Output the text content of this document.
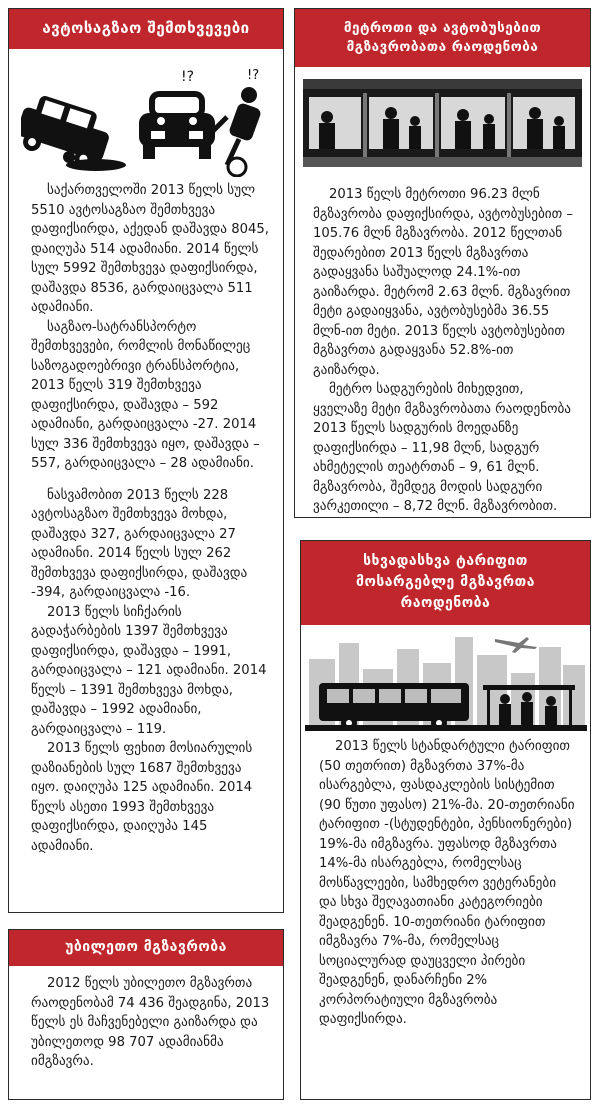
ავტოსაგზაო შემთხვევები
!?	!?

საქართველოში 2013 წელს სულ 5510 ავტოსაგზაო შემთხვევა დაფიქსირდა, აქედან დაშავდა 8045, დაიღუპა 514 ადამიანი. 2014 წელს სულ 5992 შემთხვევა დაფიქსირდა, დაშავდა 8536, გარდაიცვალა 511 ადამიანი.

საგზაო-სატრანსპორტო შემთხვევები, რომლის მონაწილეც საზოგადოებრივი ტრანსპორტია, 2013 წელს 319 შემთხვევა დაფიქსირდა, დაშავდა – 592 ადამიანი, გარდაიცვალა -27. 2014 სულ 336 შემთხვევა იყო, დაშავდა – 557, გარდაიცვალა – 28 ადამიანი.

ნასვამობით 2013 წელს 228 ავტოსაგზაო შემთხვევა მოხდა, დაშავდა 327, გარდაიცვალა 27 ადამიანი. 2014 წელს სულ 262 შემთხვევა დაფიქსირდა, დაშავდა -394, გარდაიცვალა -16.

2013 წელს სიჩქარის გადაჭარბების 1397 შემთხვევა დაფიქსირდა, დაშავდა – 1991, გარდაიცვალა – 121 ადამიანი. 2014 წელს – 1391 შემთხვევა მოხდა, დაშავდა – 1992 ადამიანი, გარდაიცვალა – 119.

2013 წელს ფეხით მოსიარულის დაზიანების სულ 1687 შემთხვევა იყო. დაიღუპა 125 ადამიანი. 2014 წელს ასეთი 1993 შემთხვევა დაფიქსირდა, დაიღუპა 145 ადამიანი.

უბილეთო მგზავრობა

2012 წელს უბილეთო მგზავრთა რაოდენობამ 74 436 შეადგინა, 2013 წელს ეს მაჩვენებელი გაიზარდა და უბილეთოდ 98 707 ადამიანმა იმგზავრა.

მეტროთი და ავტობუსებით
მგზავრობათა რაოდენობა

2013 წელს მეტროთი 96.23 მლნ მგზავრობა დაფიქსირდა, ავტობუსებით – 105.76 მლნ მგზავრობა. 2012 წელთან შედარებით 2013 წელს მგზავრთა გადაყვანა საშუალოდ 24.1%-ით გაიზარდა. მეტრომ 2.63 მლნ. მგზავრით მეტი გადაიყვანა, ავტობუსებმა 36.55 მლნ-ით მეტი. 2013 წელს ავტობუსებით მგზავრთა გადაყვანა 52.8%-ით გაიზარდა.

მეტრო სადგურების მიხედვით, ყველაზე მეტი მგზავრობათა რაოდენობა 2013 წელს სადგურის მოედანზე დაფიქსირდა – 11,98 მლნ, სადგურ ახმეტელის თეატრთან – 9, 61 მლნ. მგზავრობა, შემდეგ მოდის სადგური ვარკეთილი – 8,72 მლნ. მგზავრობით.

სხვადასხვა ტარიფით
მოსარგებლე მგზავრთა
რაოდენობა

2013 წელს სტანდარტული ტარიფით (50 თეთრით) მგზავრთა 37%-მა ისარგებლა, ფასდაკლების სისტემით (90 წუთი უფასო) 21%-მა. 20-თეთრიანი ტარიფით -(სტუდენტები, პენსიონერები) 19%-მა იმგზავრა. უფასოდ მგზავრთა 14%-მა ისარგებლა, რომელსაც მოსწავლეები, სამხედრო ვეტერანები და სხვა შეღავათიანი კატეგორიები შეადგენენ. 10-თეთრიანი ტარიფით იმგზავრა 7%-მა, რომელსაც სოციალურად დაუცველი პირები შეადგენენ, დანარჩენი 2% კორპორატიული მგზავრობა დაფიქსირდა.
